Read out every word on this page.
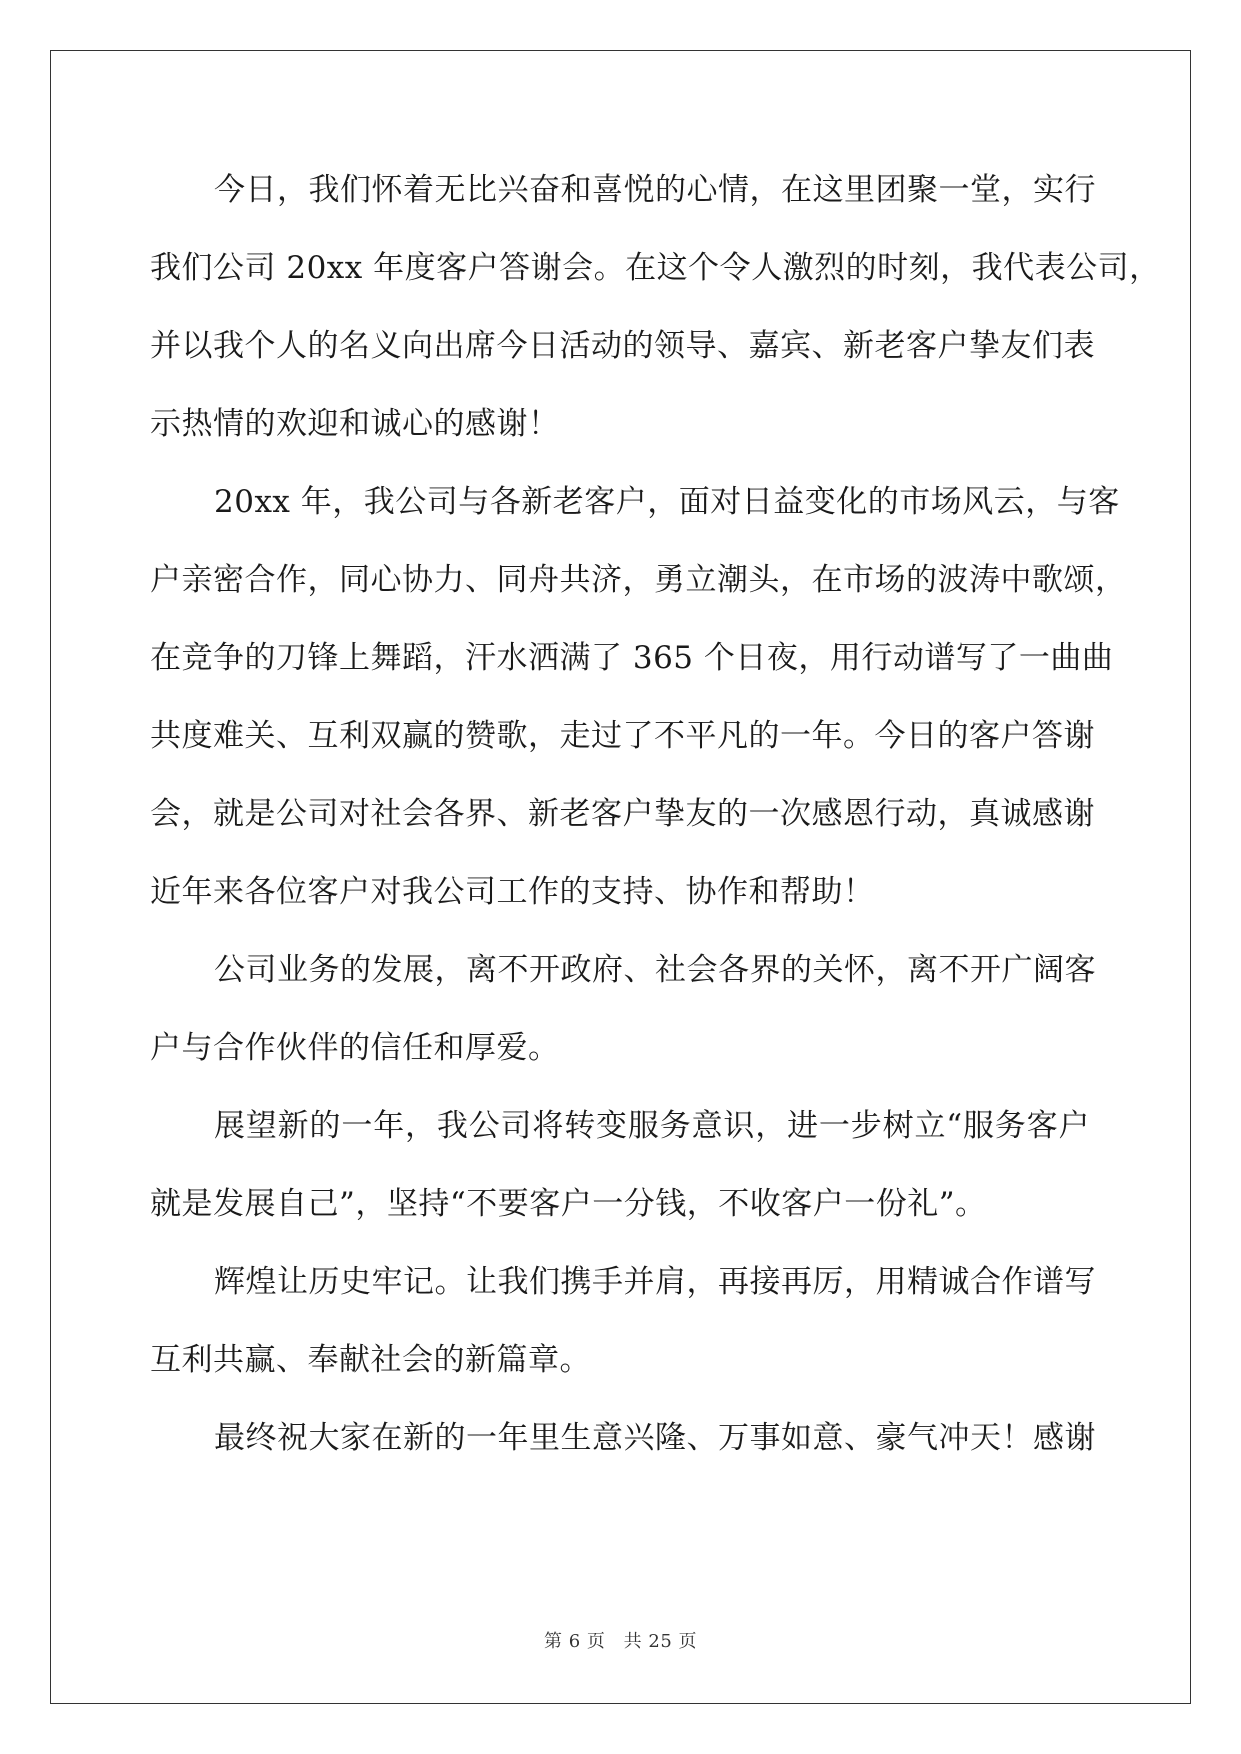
今日，我们怀着无比兴奋和喜悦的心情，在这里团聚一堂，实行
我们公司 20xx 年度客户答谢会。在这个令人激烈的时刻，我代表公司，
并以我个人的名义向出席今日活动的领导、嘉宾、新老客户挚友们表
示热情的欢迎和诚心的感谢！
20xx 年，我公司与各新老客户，面对日益变化的市场风云，与客
户亲密合作，同心协力、同舟共济，勇立潮头，在市场的波涛中歌颂，
在竞争的刀锋上舞蹈，汗水洒满了 365 个日夜，用行动谱写了一曲曲
共度难关、互利双赢的赞歌，走过了不平凡的一年。今日的客户答谢
会，就是公司对社会各界、新老客户挚友的一次感恩行动，真诚感谢
近年来各位客户对我公司工作的支持、协作和帮助！
公司业务的发展，离不开政府、社会各界的关怀，离不开广阔客
户与合作伙伴的信任和厚爱。
展望新的一年，我公司将转变服务意识，进一步树立“服务客户
就是发展自己”，坚持“不要客户一分钱，不收客户一份礼”。
辉煌让历史牢记。让我们携手并肩，再接再厉，用精诚合作谱写
互利共赢、奉献社会的新篇章。
最终祝大家在新的一年里生意兴隆、万事如意、豪气冲天！感谢
第 6 页 共 25 页
